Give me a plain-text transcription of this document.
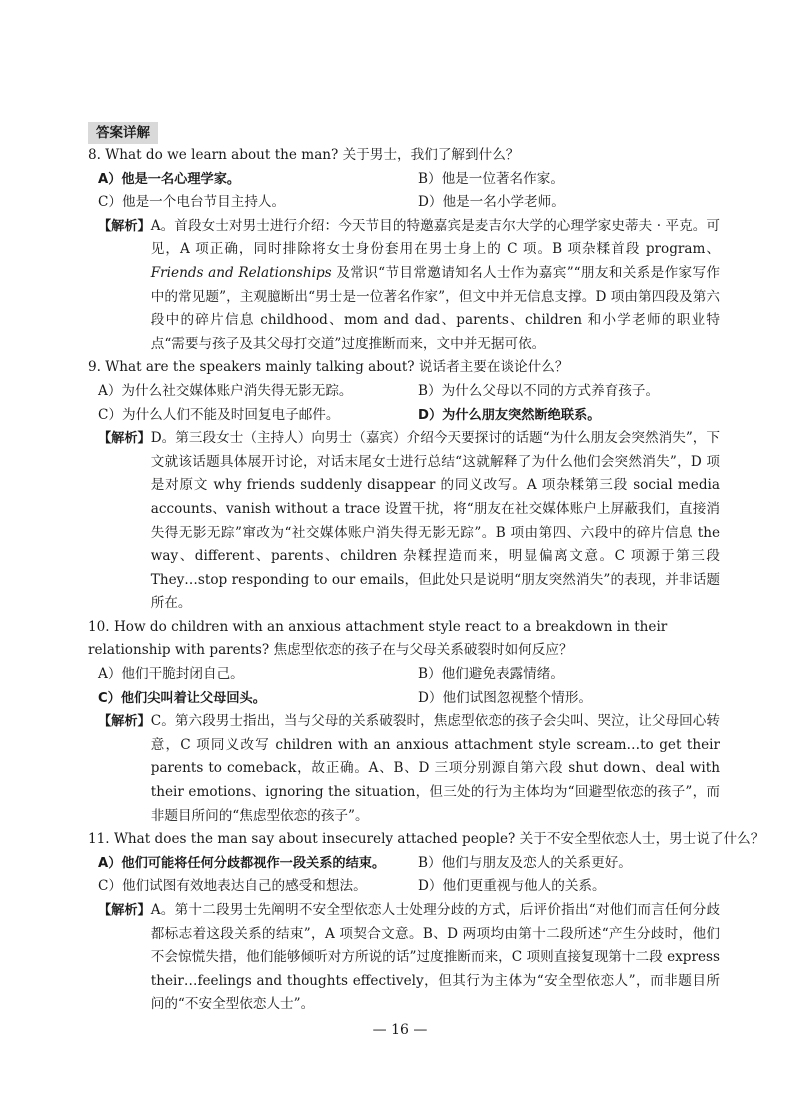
答案详解

8. What do we learn about the man? 关于男士，我们了解到什么？

A）他是一名心理学家。	B）他是一位著名作家。
C）他是一个电台节目主持人。	D）他是一名小学老师。
【解析】 A。首段女士对男士进行介绍：今天节目的特邀嘉宾是麦吉尔大学的心理学家史蒂夫 · 平克。可见，A 项正确，同时排除将女士身份套用在男士身上的 C 项。B 项杂糅首段 program、Friends and Relationships 及常识“节目常邀请知名人士作为嘉宾”“朋友和关系是作家写作中的常见题”，主观臆断出“男士是一位著名作家”，但文中并无信息支撑。D 项由第四段及第六段中的碎片信息 childhood、mom and dad、parents、children 和小学老师的职业特点“需要与孩子及其父母打交道”过度推断而来，文中并无据可依。

9. What are the speakers mainly talking about? 说话者主要在谈论什么？

A）为什么社交媒体账户消失得无影无踪。	B）为什么父母以不同的方式养育孩子。
C）为什么人们不能及时回复电子邮件。	D）为什么朋友突然断绝联系。
【解析】 D。第三段女士（主持人）向男士（嘉宾）介绍今天要探讨的话题“为什么朋友会突然消失”，下文就该话题具体展开讨论，对话末尾女士进行总结“这就解释了为什么他们会突然消失”，D 项是对原文 why friends suddenly disappear 的同义改写。A 项杂糅第三段 social media accounts、vanish without a trace 设置干扰，将“朋友在社交媒体账户上屏蔽我们，直接消失得无影无踪”窜改为“社交媒体账户消失得无影无踪”。B 项由第四、六段中的碎片信息 the way、different、parents、children 杂糅捏造而来，明显偏离文意。C 项源于第三段 They…stop responding to our emails，但此处只是说明“朋友突然消失”的表现，并非话题所在。

10. How do children with an anxious attachment style react to a breakdown in their relationship with parents? 焦虑型依恋的孩子在与父母关系破裂时如何反应？

A）他们干脆封闭自己。	B）他们避免表露情绪。
C）他们尖叫着让父母回头。	D）他们试图忽视整个情形。
【解析】 C。第六段男士指出，当与父母的关系破裂时，焦虑型依恋的孩子会尖叫、哭泣，让父母回心转意，C 项同义改写 children with an anxious attachment style scream…to get their parents to comeback，故正确。A、B、D 三项分别源自第六段 shut down、deal with their emotions、ignoring the situation，但三处的行为主体均为“回避型依恋的孩子”，而非题目所问的“焦虑型依恋的孩子”。

11. What does the man say about insecurely attached people? 关于不安全型依恋人士，男士说了什么？

A）他们可能将任何分歧都视作一段关系的结束。	B）他们与朋友及恋人的关系更好。
C）他们试图有效地表达自己的感受和想法。	D）他们更重视与他人的关系。
【解析】 A。第十二段男士先阐明不安全型依恋人士处理分歧的方式，后评价指出“对他们而言任何分歧都标志着这段关系的结束”，A 项契合文意。B、D 两项均由第十二段所述“产生分歧时，他们不会惊慌失措，他们能够倾听对方所说的话”过度推断而来，C 项则直接复现第十二段 express their…feelings and thoughts effectively，但其行为主体为“安全型依恋人”，而非题目所问的“不安全型依恋人士”。
— 16 —
